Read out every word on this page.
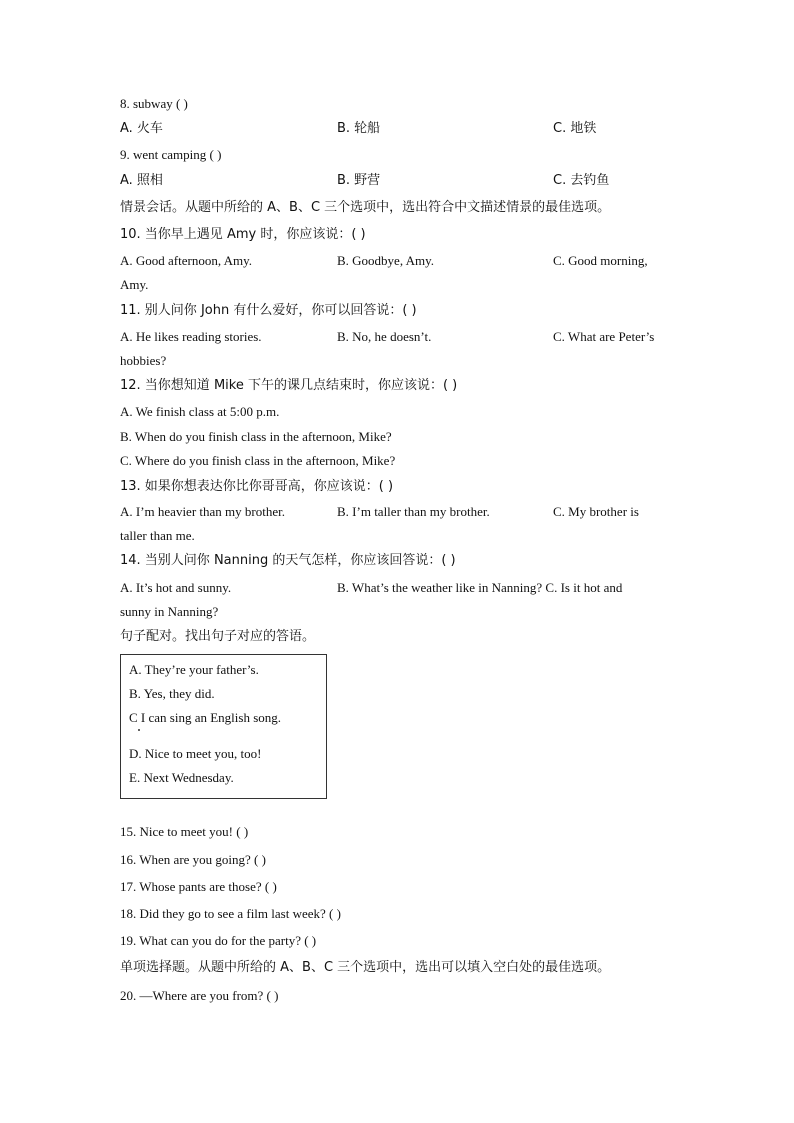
8. subway ( )
A. 火车	B. 轮船	C. 地铁
9. went camping ( )
A. 照相	B. 野营	C. 去钓鱼
情景会话。从题中所给的 A、B、C 三个选项中，选出符合中文描述情景的最佳选项。
10. 当你早上遇见 Amy 时，你应该说：( )
A. Good afternoon, Amy.	B. Goodbye, Amy.	C. Good morning,
Amy.
11. 别人问你 John 有什么爱好，你可以回答说：( )
A. He likes reading stories.	B. No, he doesn’t.	C. What are Peter’s
hobbies?
12. 当你想知道 Mike 下午的课几点结束时，你应该说：( )
A. We finish class at 5:00 p.m.
B. When do you finish class in the afternoon, Mike?
C. Where do you finish class in the afternoon, Mike?
13. 如果你想表达你比你哥哥高，你应该说：( )
A. I’m heavier than my brother.	B. I’m taller than my brother.	C. My brother is
taller than me.
14. 当别人问你 Nanning 的天气怎样，你应该回答说：( )
A. It’s hot and sunny.	B. What’s the weather like in Nanning? C. Is it hot and
sunny in Nanning?
句子配对。找出句子对应的答语。
A. They’re your father’s.
B. Yes, they did.
C I can sing an English song.
D. Nice to meet you, too!
E. Next Wednesday.
15. Nice to meet you! ( )
16. When are you going? ( )
17. Whose pants are those? ( )
18. Did they go to see a film last week? ( )
19. What can you do for the party? ( )
单项选择题。从题中所给的 A、B、C 三个选项中，选出可以填入空白处的最佳选项。
20. —Where are you from? ( )
